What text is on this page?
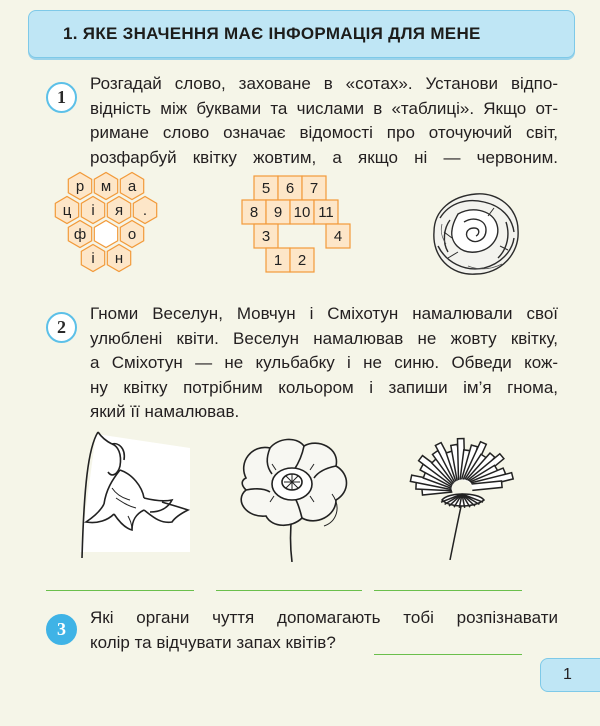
1. ЯКЕ ЗНАЧЕННЯ МАЄ ІНФОРМАЦІЯ ДЛЯ МЕНЕ
1
Розгадай слово, заховане в «сотах». Установи відпо-
відність між буквами та числами в «таблиці». Якщо от-
римане слово означає відомості про оточуючий світ,
розфарбуй квітку жовтим, а якщо ні — червоним.
р м а
ц і я .
ф	о
і н
5 6 7
8 9 10 11
3	4
1 2
2
Гноми Веселун, Мовчун і Сміхотун намалювали свої
улюблені квіти. Веселун намалював не жовту квітку,
а Сміхотун — не кульбабку і не синю. Обведи кож-
ну квітку потрібним кольором і запиши ім’я гнома,
який її намалював.
3
Які органи чуття допомагають тобі розпізнавати
колір та відчувати запах квітів?
1
